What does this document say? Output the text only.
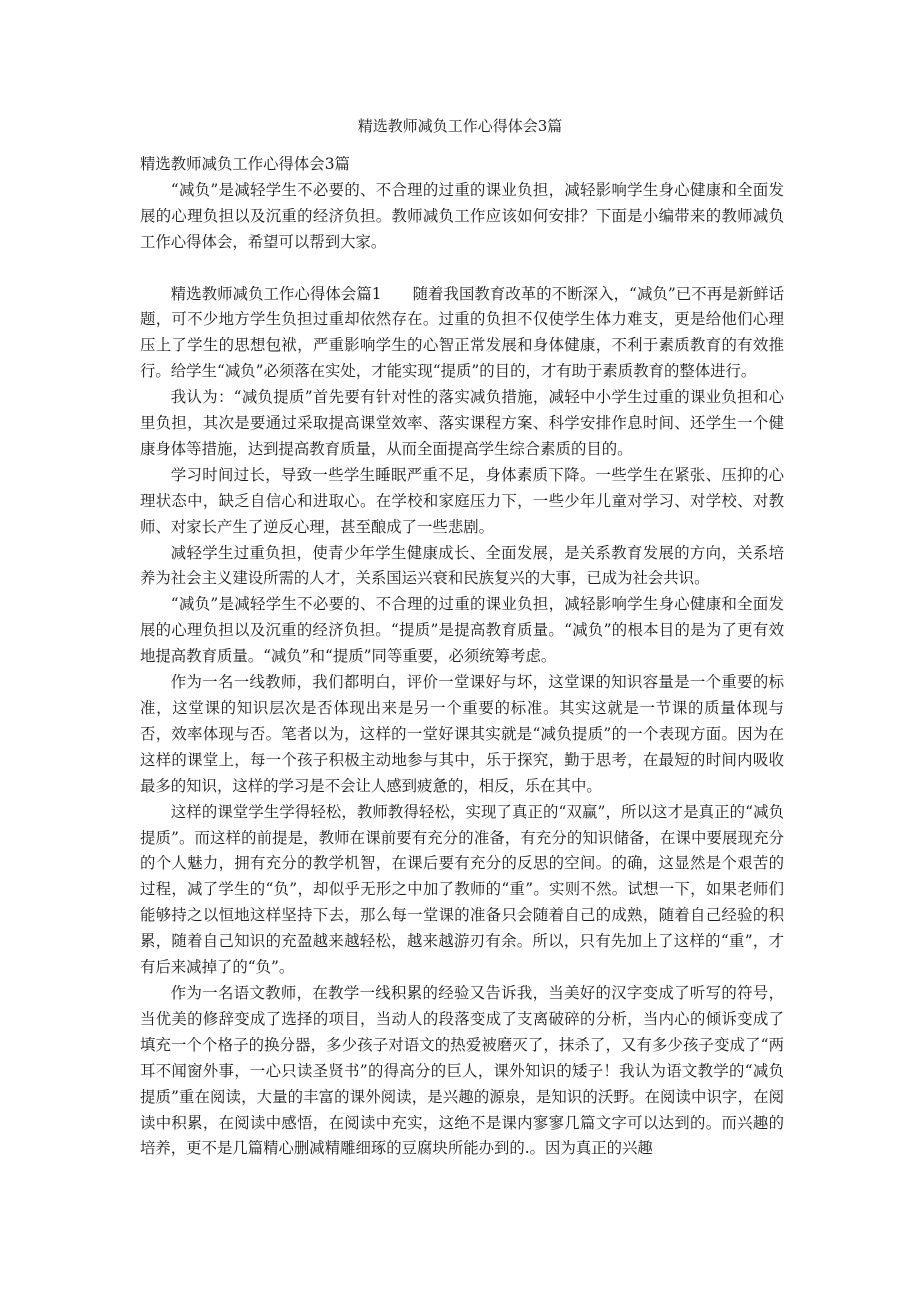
精选教师减负工作心得体会3篇

精选教师减负工作心得体会3篇

“减负”是减轻学生不必要的、不合理的过重的课业负担，减轻影响学生身心健康和全面发展的心理负担以及沉重的经济负担。教师减负工作应该如何安排？下面是小编带来的教师减负工作心得体会，希望可以帮到大家。

精选教师减负工作心得体会篇1　　随着我国教育改革的不断深入，“减负”已不再是新鲜话题，可不少地方学生负担过重却依然存在。过重的负担不仅使学生体力难支，更是给他们心理压上了学生的思想包袱，严重影响学生的心智正常发展和身体健康，不利于素质教育的有效推行。给学生“减负”必须落在实处，才能实现“提质”的目的，才有助于素质教育的整体进行。

我认为：“减负提质”首先要有针对性的落实减负措施，减轻中小学生过重的课业负担和心里负担，其次是要通过采取提高课堂效率、落实课程方案、科学安排作息时间、还学生一个健康身体等措施，达到提高教育质量，从而全面提高学生综合素质的目的。

学习时间过长，导致一些学生睡眠严重不足，身体素质下降。一些学生在紧张、压抑的心理状态中，缺乏自信心和进取心。在学校和家庭压力下，一些少年儿童对学习、对学校、对教师、对家长产生了逆反心理，甚至酿成了一些悲剧。

减轻学生过重负担，使青少年学生健康成长、全面发展，是关系教育发展的方向，关系培养为社会主义建设所需的人才，关系国运兴衰和民族复兴的大事，已成为社会共识。

“减负”是减轻学生不必要的、不合理的过重的课业负担，减轻影响学生身心健康和全面发展的心理负担以及沉重的经济负担。“提质”是提高教育质量。“减负”的根本目的是为了更有效地提高教育质量。“减负”和“提质”同等重要，必须统筹考虑。

作为一名一线教师，我们都明白，评价一堂课好与坏，这堂课的知识容量是一个重要的标准，这堂课的知识层次是否体现出来是另一个重要的标准。其实这就是一节课的质量体现与否，效率体现与否。笔者以为，这样的一堂好课其实就是“减负提质”的一个表现方面。因为在这样的课堂上，每一个孩子积极主动地参与其中，乐于探究，勤于思考，在最短的时间内吸收最多的知识，这样的学习是不会让人感到疲惫的，相反，乐在其中。

这样的课堂学生学得轻松，教师教得轻松，实现了真正的“双赢”，所以这才是真正的“减负提质”。而这样的前提是，教师在课前要有充分的准备，有充分的知识储备，在课中要展现充分的个人魅力，拥有充分的教学机智，在课后要有充分的反思的空间。的确，这显然是个艰苦的过程，减了学生的“负”，却似乎无形之中加了教师的“重”。实则不然。试想一下，如果老师们能够持之以恒地这样坚持下去，那么每一堂课的准备只会随着自己的成熟，随着自己经验的积累，随着自己知识的充盈越来越轻松，越来越游刃有余。所以，只有先加上了这样的“重”，才有后来减掉了的“负”。

作为一名语文教师，在教学一线积累的经验又告诉我，当美好的汉字变成了听写的符号，当优美的修辞变成了选择的项目，当动人的段落变成了支离破碎的分析，当内心的倾诉变成了填充一个个格子的换分器，多少孩子对语文的热爱被磨灭了，抹杀了，又有多少孩子变成了“两耳不闻窗外事，一心只读圣贤书”的得高分的巨人，课外知识的矮子！我认为语文教学的“减负提质”重在阅读，大量的丰富的课外阅读，是兴趣的源泉，是知识的沃野。在阅读中识字，在阅读中积累，在阅读中感悟，在阅读中充实，这绝不是课内寥寥几篇文字可以达到的。而兴趣的培养，更不是几篇精心删减精雕细琢的豆腐块所能办到的.。因为真正的兴趣
